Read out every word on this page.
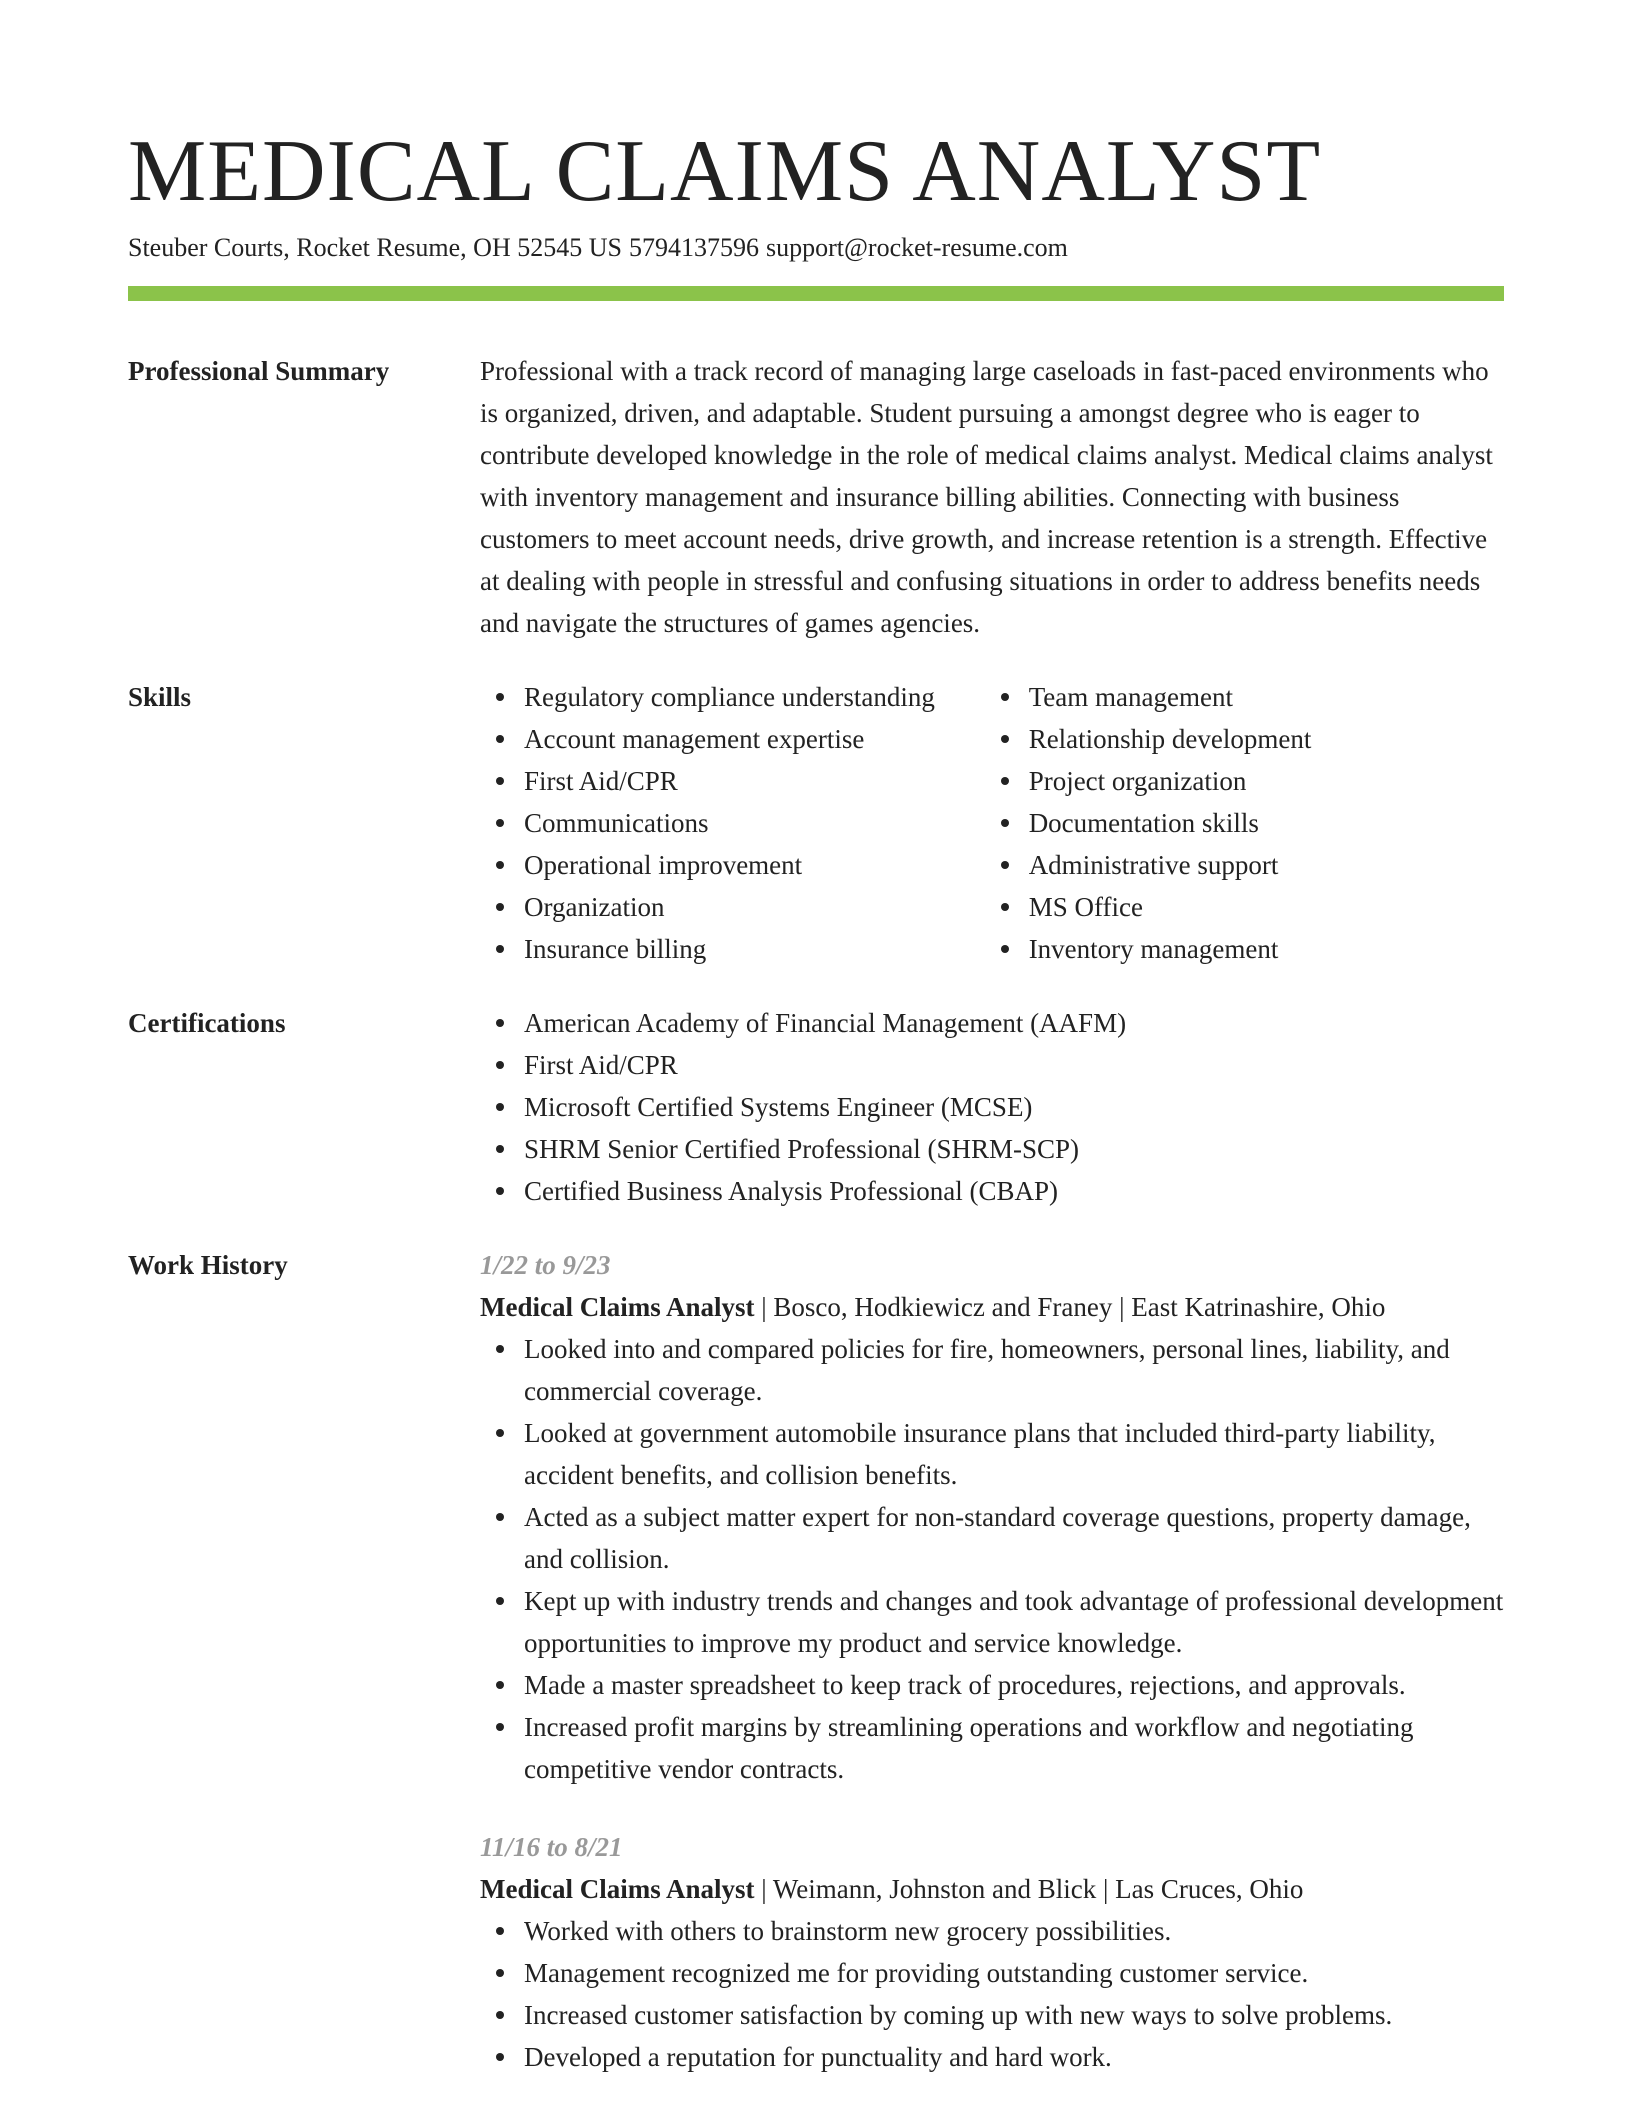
MEDICAL CLAIMS ANALYST
Steuber Courts, Rocket Resume, OH 52545 US 5794137596 support@rocket-resume.com
Professional Summary	Professional with a track record of managing large caseloads in fast-paced environments who is organized, driven, and adaptable. Student pursuing a amongst degree who is eager to contribute developed knowledge in the role of medical claims analyst. Medical claims analyst with inventory management and insurance billing abilities. Connecting with business customers to meet account needs, drive growth, and increase retention is a strength. Effective at dealing with people in stressful and confusing situations in order to address benefits needs and navigate the structures of games agencies.

Skills	Regulatory compliance understanding
Account management expertise
First Aid/CPR
Communications
Operational improvement
Organization
Insurance billing
Team management
Relationship development
Project organization
Documentation skills
Administrative support
MS Office
Inventory management
Certifications	American Academy of Financial Management (AAFM)
First Aid/CPR
Microsoft Certified Systems Engineer (MCSE)
SHRM Senior Certified Professional (SHRM-SCP)
Certified Business Analysis Professional (CBAP)
Work History	1/22 to 9/23
Medical Claims Analyst | Bosco, Hodkiewicz and Franey | East Katrinashire, Ohio
Looked into and compared policies for fire, homeowners, personal lines, liability, and commercial coverage.
Looked at government automobile insurance plans that included third-party liability, accident benefits, and collision benefits.
Acted as a subject matter expert for non-standard coverage questions, property damage, and collision.
Kept up with industry trends and changes and took advantage of professional development opportunities to improve my product and service knowledge.
Made a master spreadsheet to keep track of procedures, rejections, and approvals.
Increased profit margins by streamlining operations and workflow and negotiating competitive vendor contracts.
11/16 to 8/21
Medical Claims Analyst | Weimann, Johnston and Blick | Las Cruces, Ohio
Worked with others to brainstorm new grocery possibilities.
Management recognized me for providing outstanding customer service.
Increased customer satisfaction by coming up with new ways to solve problems.
Developed a reputation for punctuality and hard work.
